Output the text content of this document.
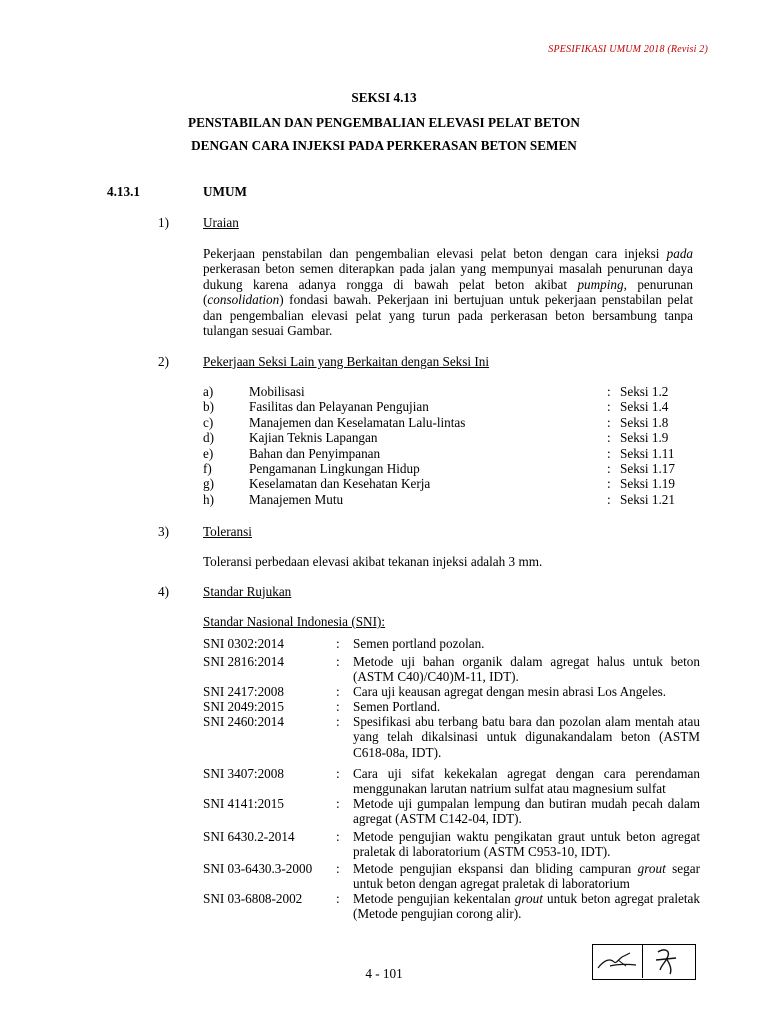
SPESIFIKASI UMUM 2018 (Revisi 2)
SEKSI 4.13
PENSTABILAN DAN PENGEMBALIAN ELEVASI PELAT BETON
DENGAN CARA INJEKSI PADA PERKERASAN BETON SEMEN
4.13.1	UMUM
1)	Uraian
Pekerjaan penstabilan dan pengembalian elevasi pelat beton dengan cara injeksi pada perkerasan beton semen diterapkan pada jalan yang mempunyai masalah penurunan daya dukung karena adanya rongga di bawah pelat beton akibat pumping, penurunan (consolidation) fondasi bawah. Pekerjaan ini bertujuan untuk pekerjaan penstabilan pelat dan pengembalian elevasi pelat yang turun pada perkerasan beton bersambung tanpa tulangan sesuai Gambar.
2)	Pekerjaan Seksi Lain yang Berkaitan dengan Seksi Ini
a)	Mobilisasi	: Seksi 1.2
b)	Fasilitas dan Pelayanan Pengujian	: Seksi 1.4
c)	Manajemen dan Keselamatan Lalu-lintas	: Seksi 1.8
d)	Kajian Teknis Lapangan	: Seksi 1.9
e)	Bahan dan Penyimpanan	: Seksi 1.11
f)	Pengamanan Lingkungan Hidup	: Seksi 1.17
g)	Keselamatan dan Kesehatan Kerja	: Seksi 1.19
h)	Manajemen Mutu	: Seksi 1.21
3)	Toleransi
Toleransi perbedaan elevasi akibat tekanan injeksi adalah 3 mm.
4)	Standar Rujukan
Standar Nasional Indonesia (SNI):
SNI 0302:2014	: Semen portland pozolan.
SNI 2816:2014	: Metode uji bahan organik dalam agregat halus untuk beton (ASTM C40)/C40)M-11, IDT).
SNI 2417:2008	: Cara uji keausan agregat dengan mesin abrasi Los Angeles.
SNI 2049:2015	: Semen Portland.
SNI 2460:2014	: Spesifikasi abu terbang batu bara dan pozolan alam mentah atau yang telah dikalsinasi untuk digunakandalam beton (ASTM C618-08a, IDT).
SNI 3407:2008	: Cara uji sifat kekekalan agregat dengan cara perendaman menggunakan larutan natrium sulfat atau magnesium sulfat
SNI 4141:2015	: Metode uji gumpalan lempung dan butiran mudah pecah dalam agregat (ASTM C142-04, IDT).
SNI 6430.2-2014	: Metode pengujian waktu pengikatan graut untuk beton agregat praletak di laboratorium (ASTM C953-10, IDT).
SNI 03-6430.3-2000 : Metode pengujian ekspansi dan bliding campuran grout segar untuk beton dengan agregat praletak di laboratorium
SNI 03-6808-2002	: Metode pengujian kekentalan grout untuk beton agregat praletak (Metode pengujian corong alir).
4 - 101
